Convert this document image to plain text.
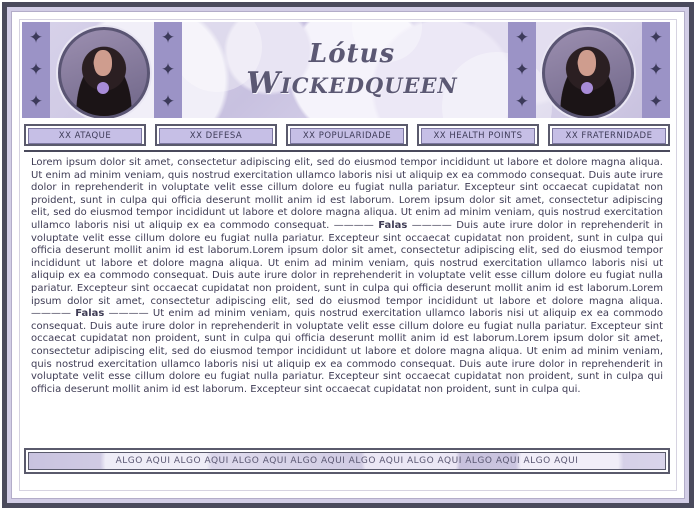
✦
✦
✦
✦
✦
✦
✦
✦
✦
✦
✦
✦
Lótus
Wickedqueen
XX ATAQUE	XX DEFESA	XX POPULARIDADE	XX HEALTH POINTS	XX FRATERNIDADE
Lorem ipsum dolor sit amet, consectetur adipiscing elit, sed do eiusmod tempor incididunt ut labore et dolore magna aliqua. Ut enim ad minim veniam, quis nostrud exercitation ullamco laboris nisi ut aliquip ex ea commodo consequat. Duis aute irure dolor in reprehenderit in voluptate velit esse cillum dolore eu fugiat nulla pariatur. Excepteur sint occaecat cupidatat non proident, sunt in culpa qui officia deserunt mollit anim id est laborum. Lorem ipsum dolor sit amet, consectetur adipiscing elit, sed do eiusmod tempor incididunt ut labore et dolore magna aliqua. Ut enim ad minim veniam, quis nostrud exercitation ullamco laboris nisi ut aliquip ex ea commodo consequat. ———— Falas ———— Duis aute irure dolor in reprehenderit in voluptate velit esse cillum dolore eu fugiat nulla pariatur. Excepteur sint occaecat cupidatat non proident, sunt in culpa qui officia deserunt mollit anim id est laborum.Lorem ipsum dolor sit amet, consectetur adipiscing elit, sed do eiusmod tempor incididunt ut labore et dolore magna aliqua. Ut enim ad minim veniam, quis nostrud exercitation ullamco laboris nisi ut aliquip ex ea commodo consequat. Duis aute irure dolor in reprehenderit in voluptate velit esse cillum dolore eu fugiat nulla pariatur. Excepteur sint occaecat cupidatat non proident, sunt in culpa qui officia deserunt mollit anim id est laborum.Lorem ipsum dolor sit amet, consectetur adipiscing elit, sed do eiusmod tempor incididunt ut labore et dolore magna aliqua. ———— Falas ———— Ut enim ad minim veniam, quis nostrud exercitation ullamco laboris nisi ut aliquip ex ea commodo consequat. Duis aute irure dolor in reprehenderit in voluptate velit esse cillum dolore eu fugiat nulla pariatur. Excepteur sint occaecat cupidatat non proident, sunt in culpa qui officia deserunt mollit anim id est laborum.Lorem ipsum dolor sit amet, consectetur adipiscing elit, sed do eiusmod tempor incididunt ut labore et dolore magna aliqua. Ut enim ad minim veniam, quis nostrud exercitation ullamco laboris nisi ut aliquip ex ea commodo consequat. Duis aute irure dolor in reprehenderit in voluptate velit esse cillum dolore eu fugiat nulla pariatur. Excepteur sint occaecat cupidatat non proident, sunt in culpa qui officia deserunt mollit anim id est laborum. Excepteur sint occaecat cupidatat non proident, sunt in culpa qui.
ALGO AQUI ALGO AQUI ALGO AQUI ALGO AQUI ALGO AQUI ALGO AQUI ALGO AQUI ALGO AQUI
